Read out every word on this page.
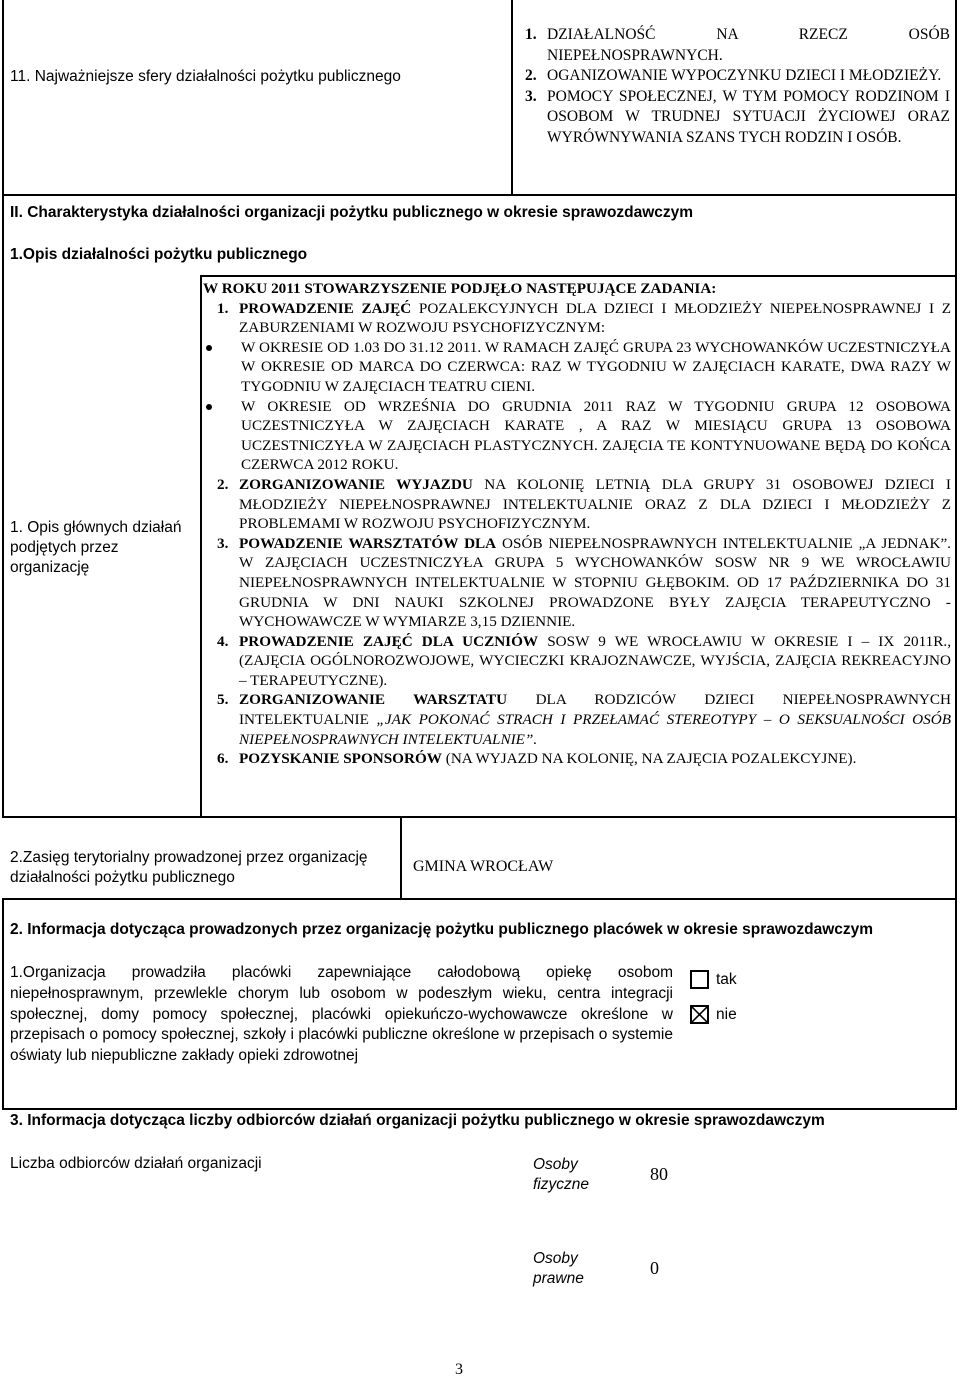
11. Najważniejsze sfery działalności pożytku publicznego
1. DZIAŁALNOŚĆ NA RZECZ OSÓB NIEPEŁNOSPRAWNYCH.
2. OGANIZOWANIE WYPOCZYNKU DZIECI I MŁODZIEŻY.
3. POMOCY SPOŁECZNEJ, W TYM POMOCY RODZINOM I OSOBOM W TRUDNEJ SYTUACJI ŻYCIOWEJ ORAZ WYRÓWNYWANIA SZANS TYCH RODZIN I OSÓB.
II. Charakterystyka działalności organizacji pożytku publicznego w okresie sprawozdawczym
1.Opis działalności pożytku publicznego
1. Opis głównych działań podjętych przez organizację
W ROKU 2011 STOWARZYSZENIE PODJĘŁO NASTĘPUJĄCE ZADANIA:
1. PROWADZENIE ZAJĘĆ POZALEKCYJNYCH DLA DZIECI I MŁODZIEŻY NIEPEŁNOSPRAWNEJ I Z ZABURZENIAMI W ROZWOJU PSYCHOFIZYCZNYM:
W OKRESIE OD 1.03 DO 31.12 2011. W RAMACH ZAJĘĆ GRUPA 23 WYCHOWANKÓW UCZESTNICZYŁA W OKRESIE OD MARCA DO CZERWCA: RAZ W TYGODNIU W ZAJĘCIACH KARATE, DWA RAZY W TYGODNIU W ZAJĘCIACH TEATRU CIENI.
W OKRESIE OD WRZEŚNIA DO GRUDNIA 2011 RAZ W TYGODNIU GRUPA 12 OSOBOWA UCZESTNICZYŁA W ZAJĘCIACH KARATE , A RAZ W MIESIĄCU GRUPA 13 OSOBOWA UCZESTNICZYŁA W ZAJĘCIACH PLASTYCZNYCH. ZAJĘCIA TE KONTYNUOWANE BĘDĄ DO KOŃCA CZERWCA 2012 ROKU.
2. ZORGANIZOWANIE WYJAZDU NA KOLONIĘ LETNIĄ DLA GRUPY 31 OSOBOWEJ DZIECI I MŁODZIEŻY NIEPEŁNOSPRAWNEJ INTELEKTUALNIE ORAZ Z DLA DZIECI I MŁODZIEŻY Z PROBLEMAMI W ROZWOJU PSYCHOFIZYCZNYM.
3. POWADZENIE WARSZTATÓW DLA OSÓB NIEPEŁNOSPRAWNYCH INTELEKTUALNIE „A JEDNAK”. W ZAJĘCIACH UCZESTNICZYŁA GRUPA 5 WYCHOWANKÓW SOSW NR 9 WE WROCŁAWIU NIEPEŁNOSPRAWNYCH INTELEKTUALNIE W STOPNIU GŁĘBOKIM. OD 17 PAŹDZIERNIKA DO 31 GRUDNIA W DNI NAUKI SZKOLNEJ PROWADZONE BYŁY ZAJĘCIA TERAPEUTYCZNO - WYCHOWAWCZE W WYMIARZE 3,15 DZIENNIE.
4. PROWADZENIE ZAJĘĆ DLA UCZNIÓW SOSW 9 WE WROCŁAWIU W OKRESIE I – IX 2011R., (ZAJĘCIA OGÓLNOROZWOJOWE, WYCIECZKI KRAJOZNAWCZE, WYJŚCIA, ZAJĘCIA REKREACYJNO – TERAPEUTYCZNE).
5. ZORGANIZOWANIE WARSZTATU DLA RODZICÓW DZIECI NIEPEŁNOSPRAWNYCH INTELEKTUALNIE „JAK POKONAĆ STRACH I PRZEŁAMAĆ STEREOTYPY – O SEKSUALNOŚCI OSÓB NIEPEŁNOSPRAWNYCH INTELEKTUALNIE”.
6. POZYSKANIE SPONSORÓW (NA WYJAZD NA KOLONIĘ, NA ZAJĘCIA POZALEKCYJNE).
2.Zasięg terytorialny prowadzonej przez organizację działalności pożytku publicznego
GMINA WROCŁAW
2. Informacja dotycząca prowadzonych przez organizację pożytku publicznego placówek w okresie sprawozdawczym
1.Organizacja prowadziła placówki zapewniające całodobową opiekę osobom niepełnosprawnym, przewlekle chorym lub osobom w podeszłym wieku, centra integracji społecznej, domy pomocy społecznej, placówki opiekuńczo-wychowawcze określone w przepisach o pomocy społecznej, szkoły i placówki publiczne określone w przepisach o systemie oświaty lub niepubliczne zakłady opieki zdrowotnej
tak
nie
3. Informacja dotycząca liczby odbiorców działań organizacji pożytku publicznego w okresie sprawozdawczym
Liczba odbiorców działań organizacji	Osoby fizyczne
80
Osoby prawne
0
3
